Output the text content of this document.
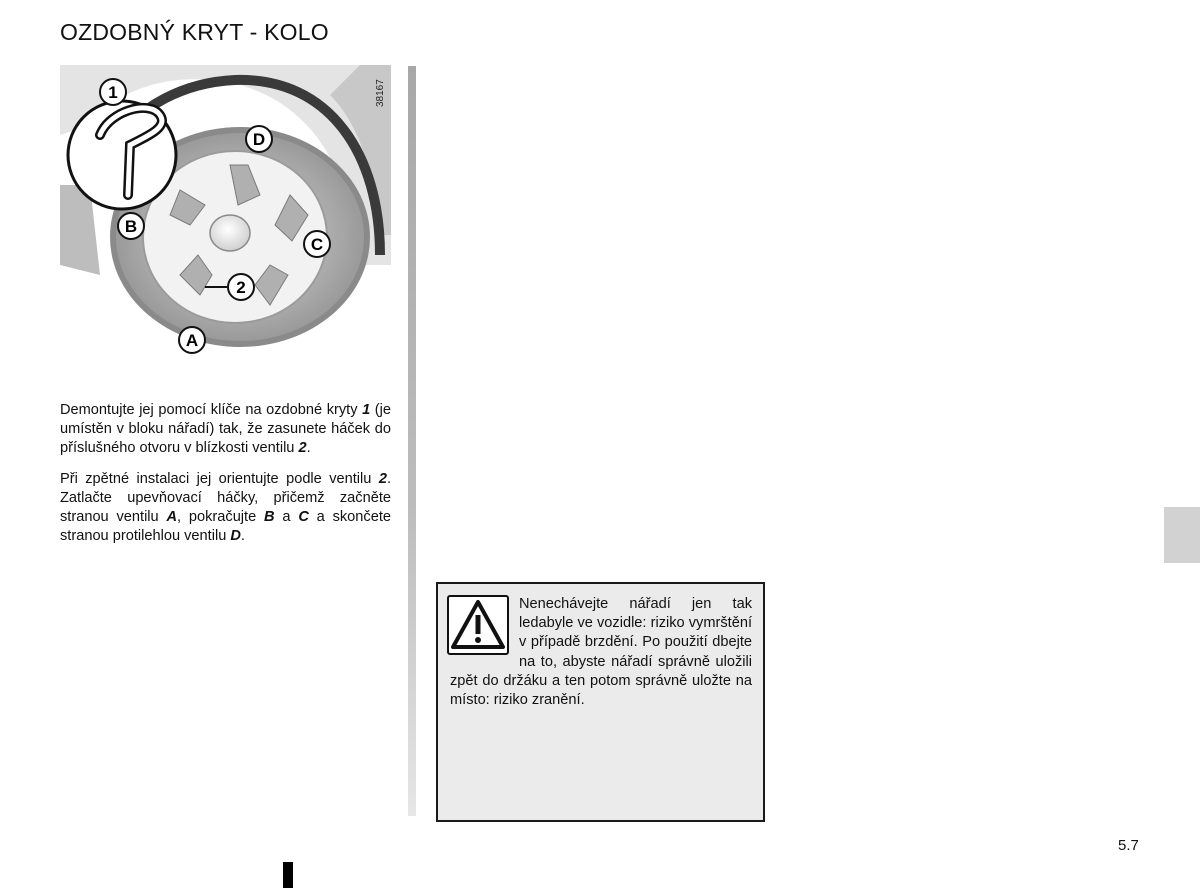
OZDOBNÝ KRYT - KOLO
1
D
B
C
2
A
38167

Demontujte jej pomocí klíče na ozdobné kryty 1 (je umístěn v bloku nářadí) tak, že zasunete háček do příslušného otvoru v blízkosti ventilu 2.

Při zpětné instalaci jej orientujte podle ventilu 2. Zatlačte upevňovací háčky, přičemž začněte stranou ventilu A, pokračujte B a C a skončete stranou protilehlou ventilu D.

Nenechávejte nářadí jen tak ledabyle ve vozidle: riziko vymrštění v případě brzdění. Po použití dbejte na to, abyste nářadí správně uložili zpět do držáku a ten potom správně uložte na místo: riziko zranění.
5.7
